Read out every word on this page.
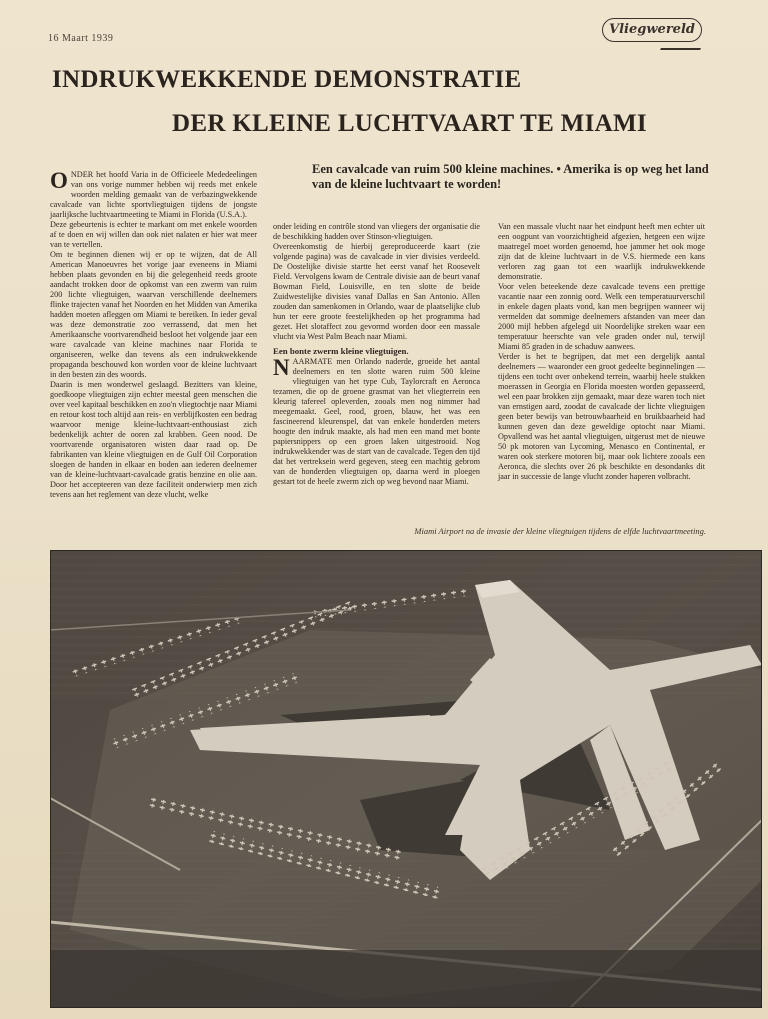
16 Maart 1939
Vliegwereld
INDRUKWEKKENDE DEMONSTRATIE
DER KLEINE LUCHTVAART TE MIAMI
Een cavalcade van ruim 500 kleine machines. • Amerika is op weg het land van de kleine luchtvaart te worden!

ONDER het hoofd Varia in de Officieele Mededeelingen van ons vorige nummer hebben wij reeds met enkele woorden melding gemaakt van de verbazingwekkende cavalcade van lichte sportvliegtuigen tijdens de jongste jaarlijksche luchtvaartmeeting te Miami in Florida (U.S.A.).

Deze gebeurtenis is echter te markant om met enkele woorden af te doen en wij willen dan ook niet nalaten er hier wat meer van te vertellen.

Om te beginnen dienen wij er op te wijzen, dat de All American Manoeuvres het vorige jaar eveneens in Miami hebben plaats gevonden en bij die gelegenheid reeds groote aandacht trokken door de opkomst van een zwerm van ruim 200 lichte vliegtuigen, waarvan verschillende deelnemers flinke trajecten vanaf het Noorden en het Midden van Amerika hadden moeten afleggen om Miami te bereiken. In ieder geval was deze demonstratie zoo verrassend, dat men het Amerikaansche voortvarendheid besloot het volgende jaar een ware cavalcade van kleine machines naar Florida te organiseeren, welke dan tevens als een indrukwekkende propaganda beschouwd kon worden voor de kleine luchtvaart in den besten zin des woords.

Daarin is men wonderwel geslaagd. Bezitters van kleine, goedkoope vliegtuigen zijn echter meestal geen menschen die over veel kapitaal beschikken en zoo'n vliegtochtje naar Miami en retour kost toch altijd aan reis- en verblijfkosten een bedrag waarvoor menige kleine-luchtvaart-enthousiast zich bedenkelijk achter de ooren zal krabben. Geen nood. De voortvarende organisatoren wisten daar raad op. De fabrikanten van kleine vliegtuigen en de Gulf Oil Corporation sloegen de handen in elkaar en boden aan iederen deelnemer van de kleine-luchtvaart-cavalcade gratis benzine en olie aan. Door het accepteeren van deze faciliteit onderwierp men zich tevens aan het reglement van deze vlucht, welke

onder leiding en contrôle stond van vliegers der organisatie die de beschikking hadden over Stinson-vliegtuigen.

Overeenkomstig de hierbij gereproduceerde kaart (zie volgende pagina) was de cavalcade in vier divisies verdeeld. De Oostelijke divisie startte het eerst vanaf het Roosevelt Field. Vervolgens kwam de Centrale divisie aan de beurt vanaf Bowman Field, Louisville, en ten slotte de beide Zuidwestelijke divisies vanaf Dallas en San Antonio. Allen zouden dan samenkomen in Orlando, waar de plaatselijke club hun ter eere groote feestelijkheden op het programma had gezet. Het slotaffect zou gevormd worden door een massale vlucht via West Palm Beach naar Miami.

Een bonte zwerm kleine vliegtuigen.

NAARMATE men Orlando naderde, groeide het aantal deelnemers en ten slotte waren ruim 500 kleine vliegtuigen van het type Cub, Taylorcraft en Aeronca tezamen, die op de groene grasmat van het vliegterrein een kleurig tafereel opleverden, zooals men nog nimmer had meegemaakt. Geel, rood, groen, blauw, het was een fascineerend kleurenspel, dat van enkele honderden meters hoogte den indruk maakte, als had men een mand met bonte papiersnippers op een groen laken uitgestrooid. Nog indrukwekkender was de start van de cavalcade. Tegen den tijd dat het vertreksein werd gegeven, steeg een machtig gebrom van de honderden vliegtuigen op, daarna werd in ploegen gestart tot de heele zwerm zich op weg bevond naar Miami.

Van een massale vlucht naar het eindpunt heeft men echter uit een oogpunt van voorzichtigheid afgezien, hetgeen een wijze maatregel moet worden genoemd, hoe jammer het ook moge zijn dat de kleine luchtvaart in de V.S. hiermede een kans verloren zag gaan tot een waarlijk indrukwekkende demonstratie.

Voor velen beteekende deze cavalcade tevens een prettige vacantie naar een zonnig oord. Welk een temperatuurverschil in enkele dagen plaats vond, kan men begrijpen wanneer wij vermelden dat sommige deelnemers afstanden van meer dan 2000 mijl hebben afgelegd uit Noordelijke streken waar een temperatuur heerschte van vele graden onder nul, terwijl Miami 85 graden in de schaduw aanwees.

Verder is het te begrijpen, dat met een dergelijk aantal deelnemers — waaronder een groot gedeelte beginnelingen — tijdens een tocht over onbekend terrein, waarbij heele stukken moerassen in Georgia en Florida moesten worden gepasseerd, wel een paar brokken zijn gemaakt, maar deze waren toch niet van ernstigen aard, zoodat de cavalcade der lichte vliegtuigen geen beter bewijs van betrouwbaarheid en bruikbaarheid had kunnen geven dan deze geweldige optocht naar Miami. Opvallend was het aantal vliegtuigen, uitgerust met de nieuwe 50 pk motoren van Lycoming, Menasco en Continental, er waren ook sterkere motoren bij, maar ook lichtere zooals een Aeronca, die slechts over 26 pk beschikte en desondanks dit jaar in successie de lange vlucht zonder haperen volbracht.

Miami Airport na de invasie der kleine vliegtuigen tijdens de elfde luchtvaartmeeting.
